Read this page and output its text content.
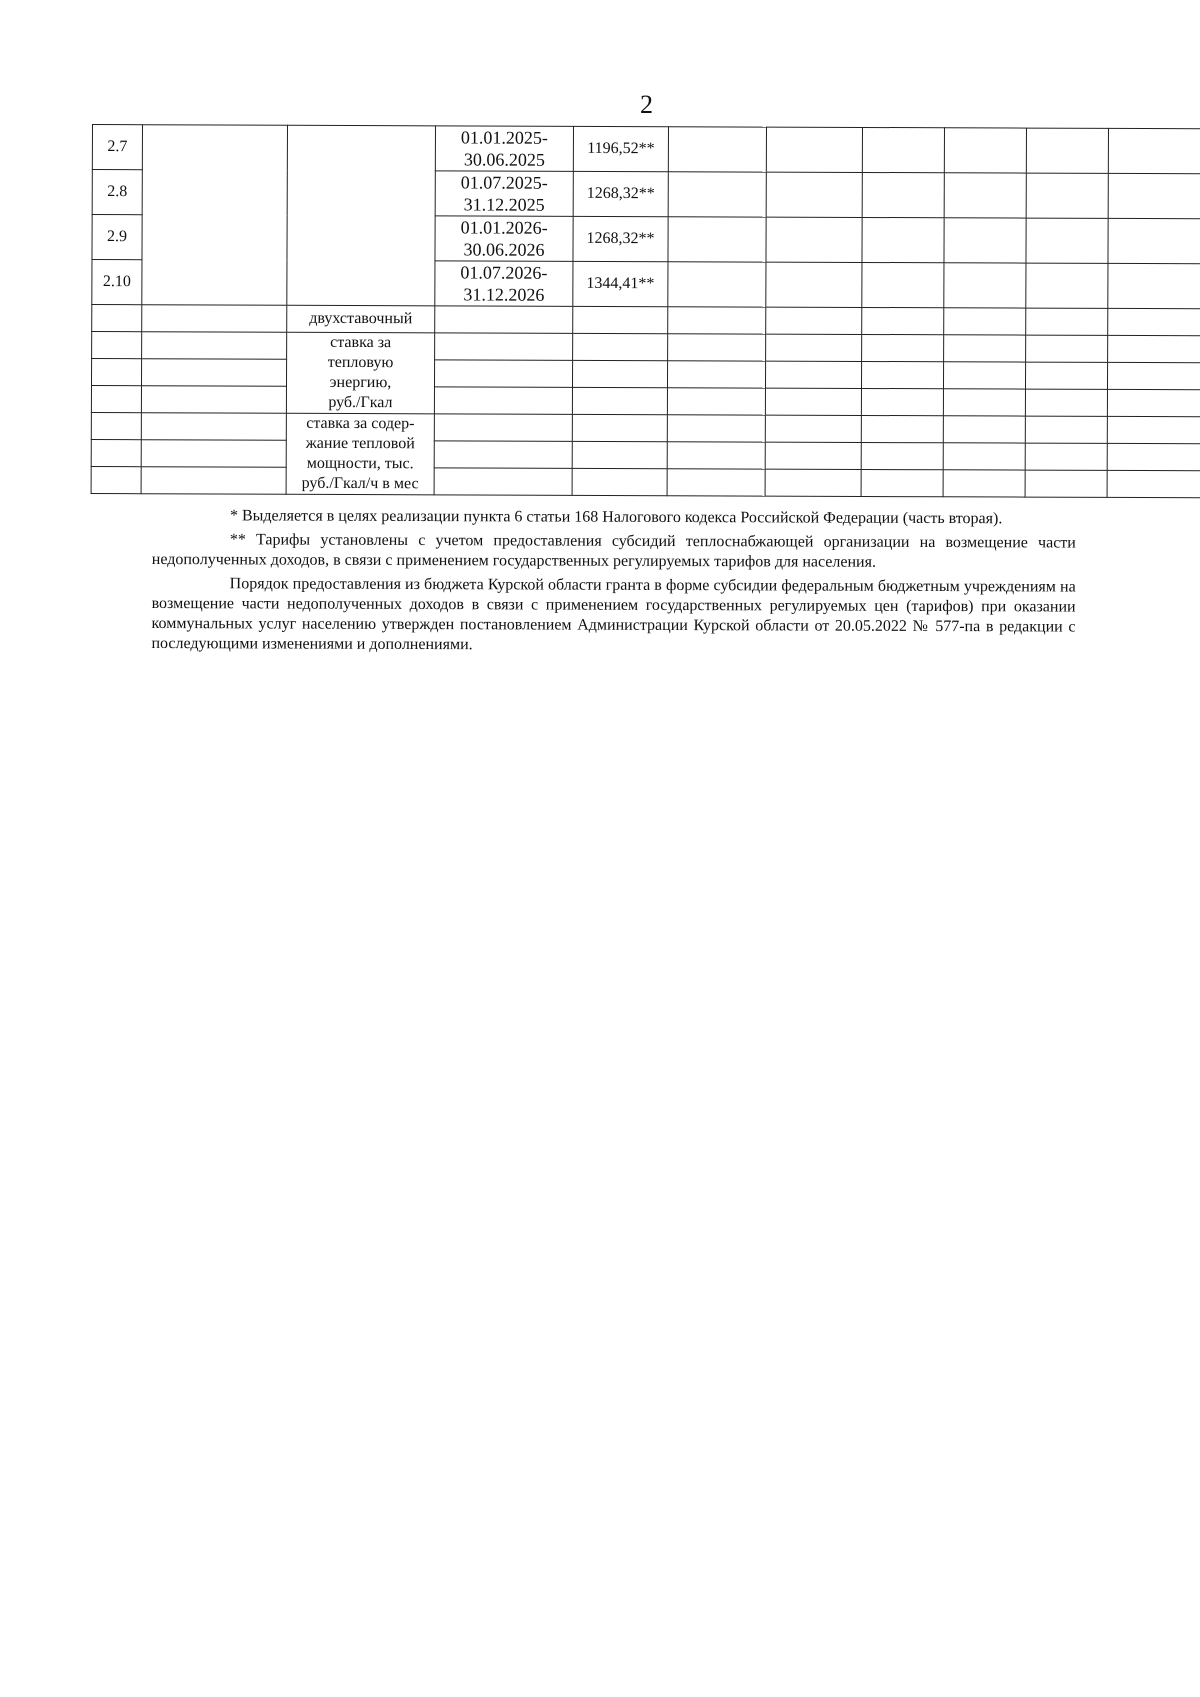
2
2.7			01.01.2025-
30.06.2025	1196,52**						
2.8			01.07.2025-
31.12.2025	1268,32**						
2.9			01.01.2026-
30.06.2026	1268,32**						
2.10			01.07.2026-
31.12.2026	1344,41**						
		двухставочный								

		ставка за
тепловую
энергию,
руб./Гкал								

		ставка за содер-
жание тепловой
мощности, тыс.
руб./Гкал/ч в мес								

* Выделяется в целях реализации пункта 6 статьи 168 Налогового кодекса Российской Федерации (часть вторая).

** Тарифы установлены с учетом предоставления субсидий теплоснабжающей организации на возмещение части недополученных доходов, в связи с применением государственных регулируемых тарифов для населения.

Порядок предоставления из бюджета Курской области гранта в форме субсидии федеральным бюджетным учреждениям на возмещение части недополученных доходов в связи с применением государственных регулируемых цен (тарифов) при оказании коммунальных услуг населению утвержден постановлением Администрации Курской области от 20.05.2022 № 577-па в редакции с последующими изменениями и дополнениями.
